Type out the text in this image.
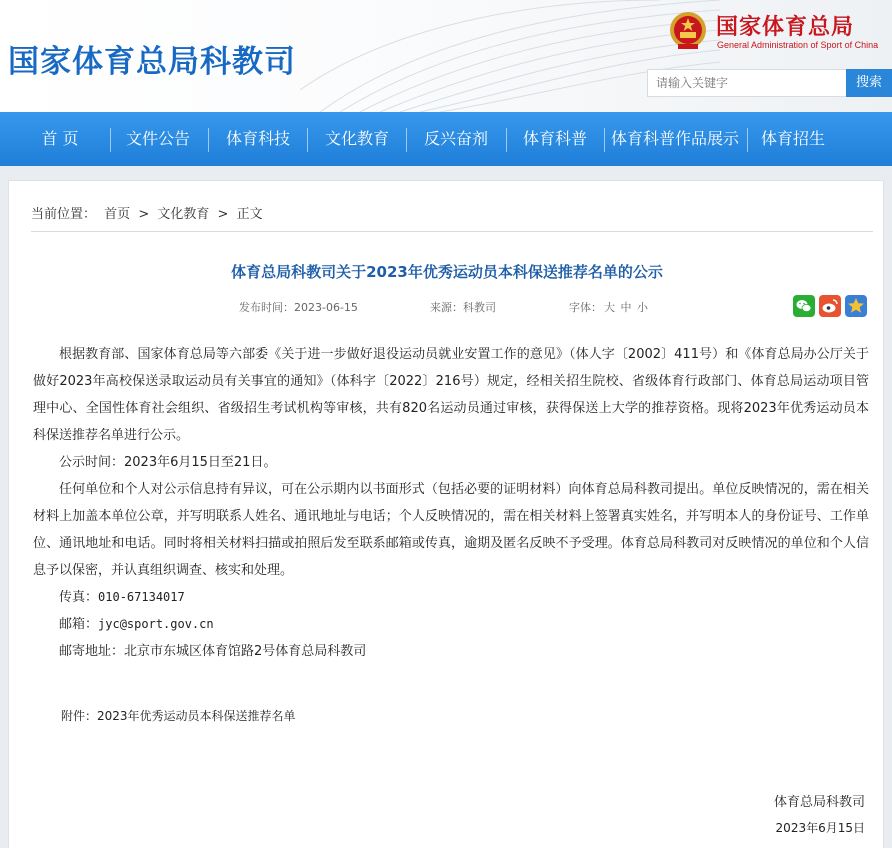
国家体育总局科教司
国家体育总局
General Administration of Sport of China
请输入关键字
搜索
首 页	文件公告	体育科技	文化教育	反兴奋剂	体育科普	体育科普作品展示	体育招生
当前位置： 首页 > 文化教育 > 正文
体育总局科教司关于2023年优秀运动员本科保送推荐名单的公示
发布时间：2023-06-15	来源：科教司	字体： 大 中 小

根据教育部、国家体育总局等六部委《关于进一步做好退役运动员就业安置工作的意见》（体人字〔2002〕411号）和《体育总局办公厅关于做好2023年高校保送录取运动员有关事宜的通知》（体科字〔2022〕216号）规定，经相关招生院校、省级体育行政部门、体育总局运动项目管理中心、全国性体育社会组织、省级招生考试机构等审核，共有820名运动员通过审核，获得保送上大学的推荐资格。现将2023年优秀运动员本科保送推荐名单进行公示。

公示时间：2023年6月15日至21日。

任何单位和个人对公示信息持有异议，可在公示期内以书面形式（包括必要的证明材料）向体育总局科教司提出。单位反映情况的，需在相关材料上加盖本单位公章，并写明联系人姓名、通讯地址与电话；个人反映情况的，需在相关材料上签署真实姓名，并写明本人的身份证号、工作单位、通讯地址和电话。同时将相关材料扫描或拍照后发至联系邮箱或传真，逾期及匿名反映不予受理。体育总局科教司对反映情况的单位和个人信息予以保密，并认真组织调查、核实和处理。

传真：010-67134017

邮箱：jyc@sport.gov.cn

邮寄地址：北京市东城区体育馆路2号体育总局科教司

附件：2023年优秀运动员本科保送推荐名单
体育总局科教司
2023年6月15日
